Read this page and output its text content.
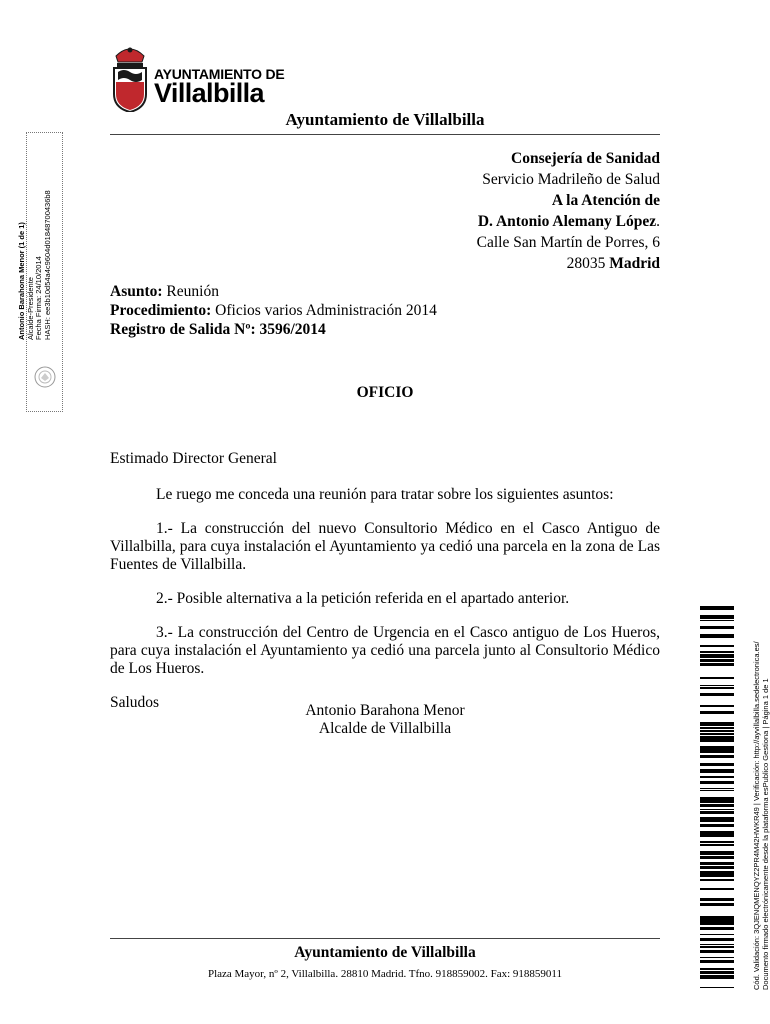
AYUNTAMIENTO DE
Villalbilla
Ayuntamiento de Villalbilla
Antonio Barahona Menor (1 de 1) Alcalde-Presidente Fecha Firma: 24/10/2014 HASH: ee3b10d54a4c9604d01848700436b8
Consejería de Sanidad
Servicio Madrileño de Salud
A la Atención de
D. Antonio Alemany López.
Calle San Martín de Porres, 6
28035 Madrid
Asunto: Reunión
Procedimiento: Oficios varios Administración 2014
Registro de Salida Nº: 3596/2014
OFICIO

Estimado Director General

Le ruego me conceda una reunión para tratar sobre los siguientes asuntos:

1.- La construcción del nuevo Consultorio Médico en el Casco Antiguo de Villalbilla, para cuya instalación el Ayuntamiento ya cedió una parcela en la zona de Las Fuentes de Villalbilla.

2.- Posible alternativa a la petición referida en el apartado anterior.

3.- La construcción del Centro de Urgencia en el Casco antiguo de Los Hueros, para cuya instalación el Ayuntamiento ya cedió una parcela junto al Consultorio Médico de Los Hueros.

Saludos	Antonio Barahona Menor
Alcalde de Villalbilla
Ayuntamiento de Villalbilla
Plaza Mayor, nº 2, Villalbilla. 28810 Madrid. Tfno. 918859002. Fax: 918859011	Cód. Validación: 3QJENQMENQYZ2PR4M42HWKR49 | Verificación: http://ayvillalbilla.sedelectronica.es/ Documento firmado electrónicamente desde la plataforma esPublico Gestiona | Página 1 de 1
